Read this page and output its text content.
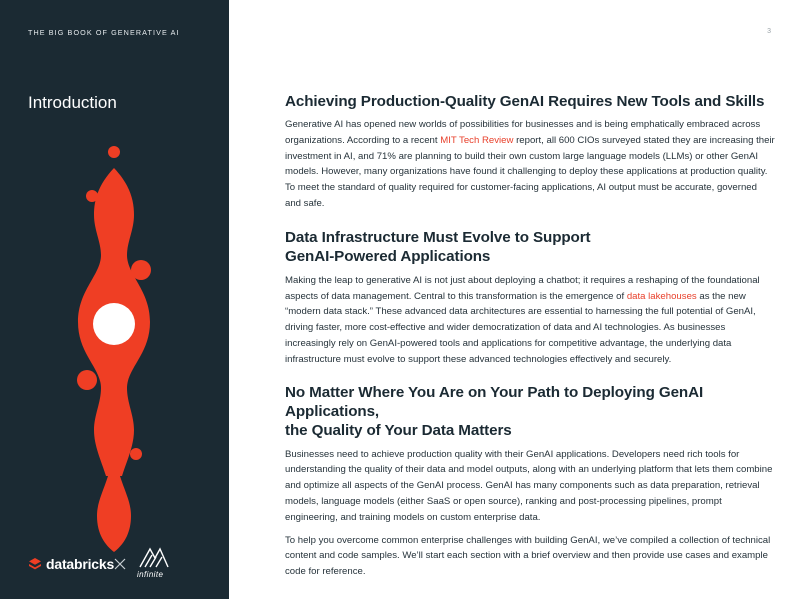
THE BIG BOOK OF GENERATIVE AI
Introduction
databricks
infinite
3
Achieving Production-Quality GenAI Requires New Tools and Skills

Generative AI has opened new worlds of possibilities for businesses and is being emphatically embraced across organizations. According to a recent MIT Tech Review report, all 600 CIOs surveyed stated they are increasing their investment in AI, and 71% are planning to build their own custom large language models (LLMs) or other GenAI models. However, many organizations have found it challenging to deploy these applications at production quality. To meet the standard of quality required for customer-facing applications, AI output must be accurate, governed and safe.

Data Infrastructure Must Evolve to Support
GenAI-Powered Applications

Making the leap to generative AI is not just about deploying a chatbot; it requires a reshaping of the foundational aspects of data management. Central to this transformation is the emergence of data lakehouses as the new “modern data stack.” These advanced data architectures are essential to harnessing the full potential of GenAI, driving faster, more cost-effective and wider democratization of data and AI technologies. As businesses increasingly rely on GenAI-powered tools and applications for competitive advantage, the underlying data infrastructure must evolve to support these advanced technologies effectively and securely.

No Matter Where You Are on Your Path to Deploying GenAI Applications,
the Quality of Your Data Matters

Businesses need to achieve production quality with their GenAI applications. Developers need rich tools for understanding the quality of their data and model outputs, along with an underlying platform that lets them combine and optimize all aspects of the GenAI process. GenAI has many components such as data preparation, retrieval models, language models (either SaaS or open source), ranking and post-processing pipelines, prompt engineering, and training models on custom enterprise data.

To help you overcome common enterprise challenges with building GenAI, we’ve compiled a collection of technical content and code samples. We’ll start each section with a brief overview and then provide use cases and example code for reference.
